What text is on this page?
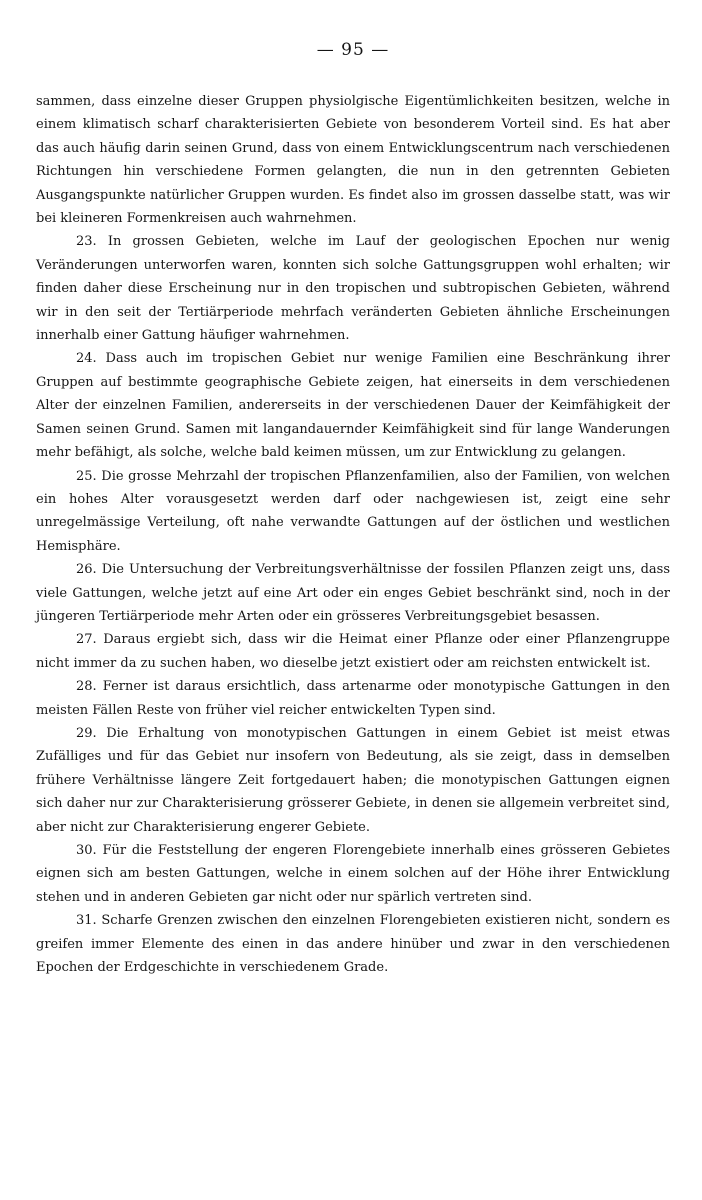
— 95 —

sammen, dass einzelne dieser Gruppen physiolgische Eigentümlichkeiten besitzen, welche in einem klimatisch scharf charakterisierten Gebiete von besonderem Vorteil sind. Es hat aber das auch häufig darin seinen Grund, dass von einem Entwicklungscentrum nach verschiedenen Richtungen hin verschiedene Formen gelangten, die nun in den getrennten Gebieten Ausgangspunkte natürlicher Gruppen wurden. Es findet also im grossen dasselbe statt, was wir bei kleineren Formenkreisen auch wahrnehmen.

23. In grossen Gebieten, welche im Lauf der geologischen Epochen nur wenig Veränderungen unterworfen waren, konnten sich solche Gattungsgruppen wohl erhalten; wir finden daher diese Erscheinung nur in den tropischen und subtropischen Gebieten, während wir in den seit der Tertiärperiode mehrfach veränderten Gebieten ähnliche Erscheinungen innerhalb einer Gattung häufiger wahrnehmen.

24. Dass auch im tropischen Gebiet nur wenige Familien eine Beschränkung ihrer Gruppen auf bestimmte geographische Gebiete zeigen, hat einerseits in dem verschiedenen Alter der einzelnen Familien, andererseits in der verschiedenen Dauer der Keimfähigkeit der Samen seinen Grund. Samen mit langandauernder Keimfähigkeit sind für lange Wanderungen mehr befähigt, als solche, welche bald keimen müssen, um zur Entwicklung zu gelangen.

25. Die grosse Mehrzahl der tropischen Pflanzenfamilien, also der Familien, von welchen ein hohes Alter vorausgesetzt werden darf oder nachgewiesen ist, zeigt eine sehr unregelmässige Verteilung, oft nahe verwandte Gattungen auf der östlichen und westlichen Hemisphäre.

26. Die Untersuchung der Verbreitungsverhältnisse der fossilen Pflanzen zeigt uns, dass viele Gattungen, welche jetzt auf eine Art oder ein enges Gebiet beschränkt sind, noch in der jüngeren Tertiärperiode mehr Arten oder ein grösseres Verbreitungsgebiet besassen.

27. Daraus ergiebt sich, dass wir die Heimat einer Pflanze oder einer Pflanzengruppe nicht immer da zu suchen haben, wo dieselbe jetzt existiert oder am reichsten entwickelt ist.

28. Ferner ist daraus ersichtlich, dass artenarme oder monotypische Gattungen in den meisten Fällen Reste von früher viel reicher entwickelten Typen sind.

29. Die Erhaltung von monotypischen Gattungen in einem Gebiet ist meist etwas Zufälliges und für das Gebiet nur insofern von Bedeutung, als sie zeigt, dass in demselben frühere Verhältnisse längere Zeit fortgedauert haben; die monotypischen Gattungen eignen sich daher nur zur Charakterisierung grösserer Gebiete, in denen sie allgemein verbreitet sind, aber nicht zur Charakterisierung engerer Gebiete.

30. Für die Feststellung der engeren Florengebiete innerhalb eines grösseren Gebietes eignen sich am besten Gattungen, welche in einem solchen auf der Höhe ihrer Entwicklung stehen und in anderen Gebieten gar nicht oder nur spärlich vertreten sind.

31. Scharfe Grenzen zwischen den einzelnen Florengebieten existieren nicht, sondern es greifen immer Elemente des einen in das andere hinüber und zwar in den verschiedenen Epochen der Erdgeschichte in verschiedenem Grade.
